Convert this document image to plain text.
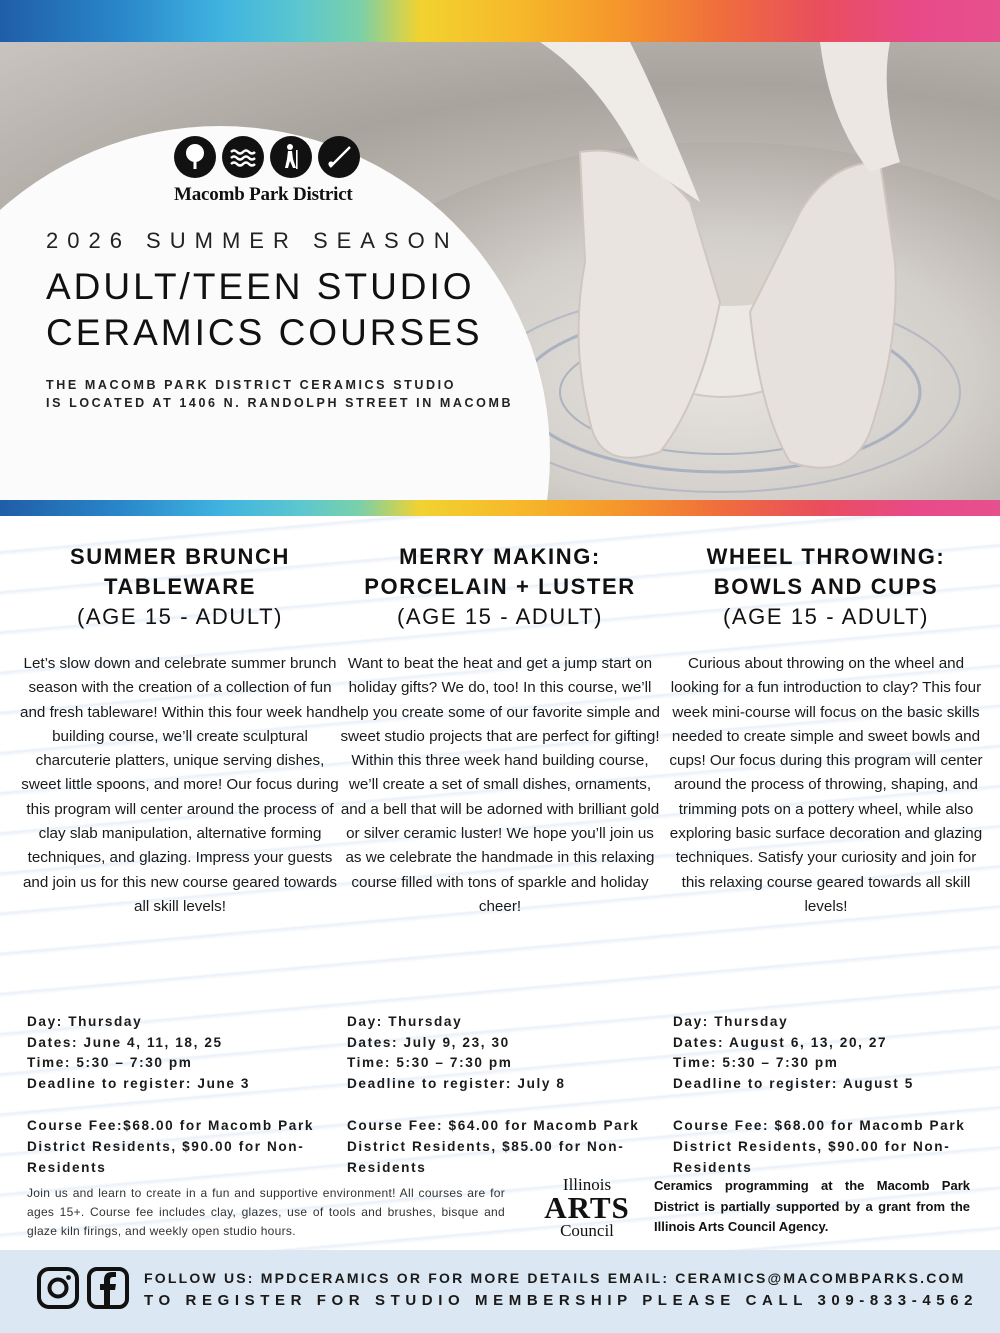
Macomb Park District
2026 SUMMER SEASON
ADULT/TEEN STUDIO
CERAMICS COURSES
THE MACOMB PARK DISTRICT CERAMICS STUDIO
IS LOCATED AT 1406 N. RANDOLPH STREET IN MACOMB
SUMMER BRUNCH
TABLEWARE
(AGE 15 - ADULT)
Let’s slow down and celebrate summer brunch season with the creation of a collection of fun and fresh tableware! Within this four week hand building course, we’ll create sculptural charcuterie platters, unique serving dishes, sweet little spoons, and more! Our focus during this program will center around the process of clay slab manipulation, alternative forming techniques, and glazing. Impress your guests and join us for this new course geared towards all skill levels!
Day: Thursday
Dates: June 4, 11, 18, 25
Time: 5:30 – 7:30 pm
Deadline to register: June 3
Course Fee:$68.00 for Macomb Park District Residents, $90.00 for Non-Residents
MERRY MAKING:
PORCELAIN + LUSTER
(AGE 15 - ADULT)
Want to beat the heat and get a jump start on holiday gifts? We do, too! In this course, we’ll help you create some of our favorite simple and sweet studio projects that are perfect for gifting! Within this three week hand building course, we’ll create a set of small dishes, ornaments, and a bell that will be adorned with brilliant gold or silver ceramic luster! We hope you’ll join us as we celebrate the handmade in this relaxing course filled with tons of sparkle and holiday cheer!
Day: Thursday
Dates: July 9, 23, 30
Time: 5:30 – 7:30 pm
Deadline to register: July 8
Course Fee: $64.00 for Macomb Park District Residents, $85.00 for Non-Residents
WHEEL THROWING:
BOWLS AND CUPS
(AGE 15 - ADULT)
Curious about throwing on the wheel and looking for a fun introduction to clay? This four week mini-course will focus on the basic skills needed to create simple and sweet bowls and cups! Our focus during this program will center around the process of throwing, shaping, and trimming pots on a pottery wheel, while also exploring basic surface decoration and glazing techniques. Satisfy your curiosity and join for this relaxing course geared towards all skill levels!
Day: Thursday
Dates: August 6, 13, 20, 27
Time: 5:30 – 7:30 pm
Deadline to register: August 5
Course Fee: $68.00 for Macomb Park District Residents, $90.00 for Non-Residents
Join us and learn to create in a fun and supportive environment! All courses are for ages 15+. Course fee includes clay, glazes, use of tools and brushes, bisque and glaze kiln firings, and weekly open studio hours.
Illinois
ARTS
Council
Ceramics programming at the Macomb Park District is partially supported by a grant from the Illinois Arts Council Agency.
FOLLOW US: MPDCERAMICS OR FOR MORE DETAILS EMAIL: CERAMICS@MACOMBPARKS.COM
TO REGISTER FOR STUDIO MEMBERSHIP PLEASE CALL 309-833-4562
